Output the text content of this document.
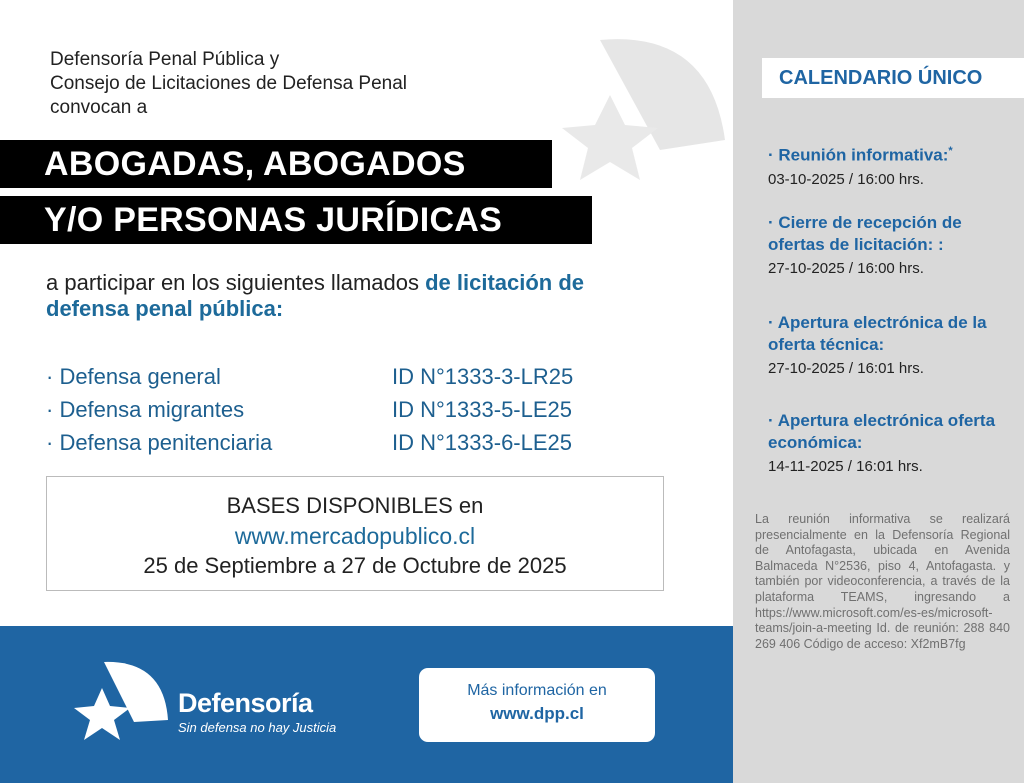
Defensoría Penal Pública y
Consejo de Licitaciones de Defensa Penal
convocan a
ABOGADAS, ABOGADOS
Y/O PERSONAS JURÍDICAS
a participar en los siguientes llamados de licitación de defensa penal pública:
· Defensa general	ID N°1333-3-LR25
· Defensa migrantes	ID N°1333-5-LE25
· Defensa penitenciaria	ID N°1333-6-LE25
BASES DISPONIBLES en
www.mercadopublico.cl
25 de Septiembre a 27 de Octubre de 2025
Defensoría
Sin defensa no hay Justicia
Más información en
www.dpp.cl
CALENDARIO ÚNICO
· Reunión informativa:*
03-10-2025 / 16:00 hrs.
· Cierre de recepción de ofertas de licitación: :
27-10-2025 / 16:00 hrs.
· Apertura electrónica de la oferta técnica:
27-10-2025 / 16:01 hrs.
· Apertura electrónica oferta económica:
14-11-2025 / 16:01 hrs.
La reunión informativa se realizará presencialmente en la Defensoría Regional de Antofagasta, ubicada en Avenida Balmaceda N°2536, piso 4, Antofagasta. y también por videoconferencia, a través de la plataforma TEAMS, ingresando a https://www.microsoft.com/es-es/microsoft-teams/join-a-meeting Id. de reunión: 288 840 269 406 Código de acceso: Xf2mB7fg
